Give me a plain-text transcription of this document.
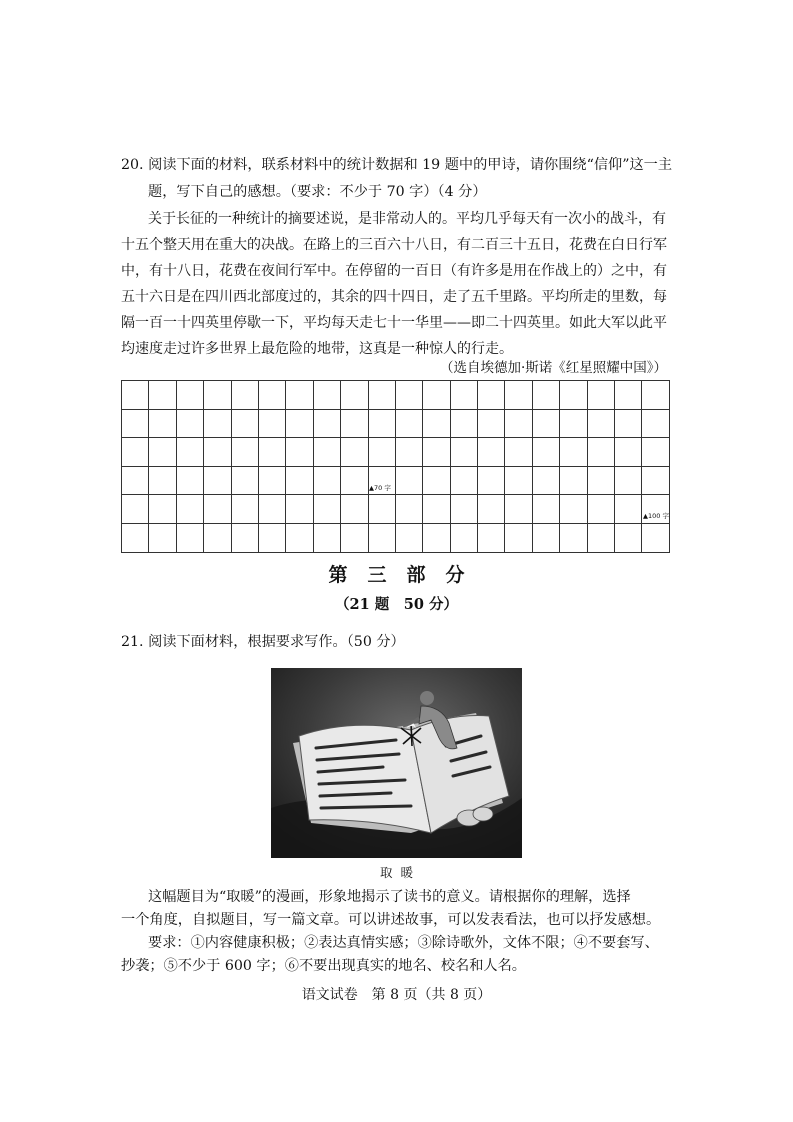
20. 阅读下面的材料，联系材料中的统计数据和 19 题中的甲诗，请你围绕“信仰”这一主
题，写下自己的感想。（要求：不少于 70 字）（4 分）
关于长征的一种统计的摘要述说，是非常动人的。平均几乎每天有一次小的战斗，有
十五个整天用在重大的决战。在路上的三百六十八日，有二百三十五日，花费在白日行军
中，有十八日，花费在夜间行军中。在停留的一百日（有许多是用在作战上的）之中，有
五十六日是在四川西北部度过的，其余的四十四日，走了五千里路。平均所走的里数，每
隔一百一十四英里停歇一下，平均每天走七十一华里——即二十四英里。如此大军以此平
均速度走过许多世界上最危险的地带，这真是一种惊人的行走。
（选自埃德加·斯诺《红星照耀中国》）

▲70 字
▲100 字
第三部分
（21 题　50 分）
21. 阅读下面材料，根据要求写作。（50 分）
取暖
这幅题目为“取暖”的漫画，形象地揭示了读书的意义。请根据你的理解，选择
一个角度，自拟题目，写一篇文章。可以讲述故事，可以发表看法，也可以抒发感想。
要求：①内容健康积极；②表达真情实感；③除诗歌外，文体不限；④不要套写、
抄袭；⑤不少于 600 字；⑥不要出现真实的地名、校名和人名。
语文试卷　第 8 页（共 8 页）
